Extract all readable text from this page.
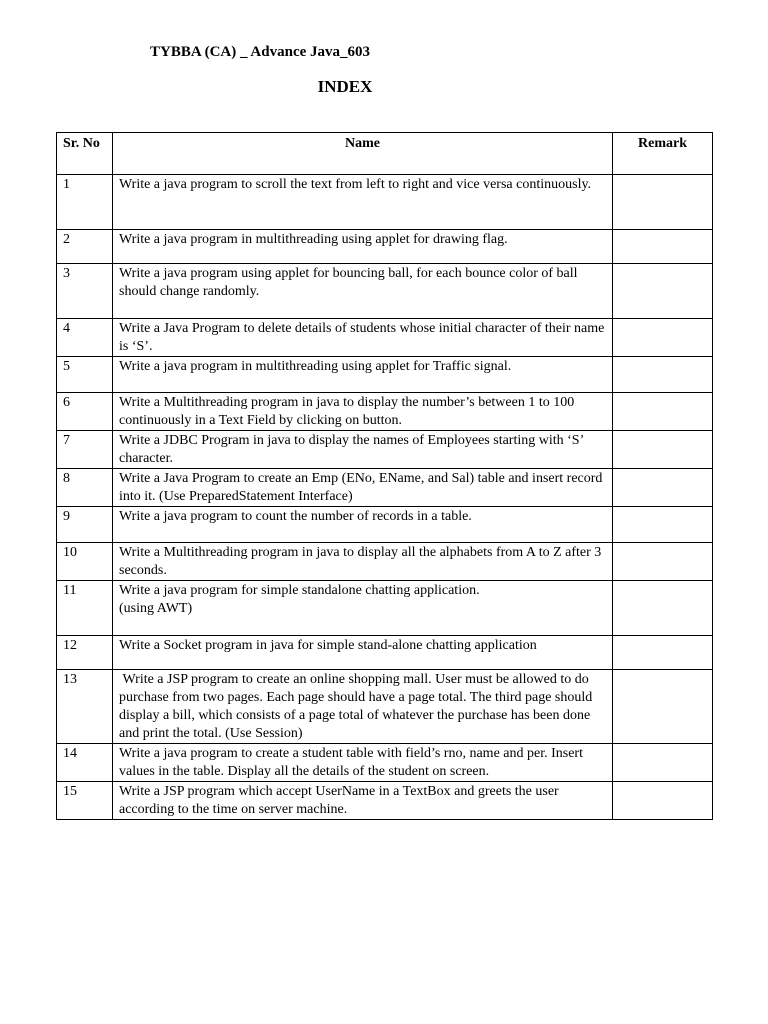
TYBBA (CA) _ Advance Java_603
INDEX
Sr. No	Name	Remark
1	Write a java program to scroll the text from left to right and vice versa continuously.	
2	Write a java program in multithreading using applet for drawing flag.	
3	Write a java program using applet for bouncing ball, for each bounce color of ball should change randomly.	
4	Write a Java Program to delete details of students whose initial character of their name is ‘S’.	
5	Write a java program in multithreading using applet for Traffic signal.	
6	Write a Multithreading program in java to display the number’s between 1 to 100 continuously in a Text Field by clicking on button.	
7	Write a JDBC Program in java to display the names of Employees starting with ‘S’ character.	
8	Write a Java Program to create an Emp (ENo, EName, and Sal) table and insert record into it. (Use PreparedStatement Interface)	
9	Write a java program to count the number of records in a table.	
10	Write a Multithreading program in java to display all the alphabets from A to Z after 3 seconds.	
11	Write a java program for simple standalone chatting application.
(using AWT)	
12	Write a Socket program in java for simple stand-alone chatting application	
13	Write a JSP program to create an online shopping mall. User must be allowed to do purchase from two pages. Each page should have a page total. The third page should display a bill, which consists of a page total of whatever the purchase has been done and print the total. (Use Session)	
14	Write a java program to create a student table with field’s rno, name and per. Insert values in the table. Display all the details of the student on screen.	
15	Write a JSP program which accept UserName in a TextBox and greets the user according to the time on server machine.	
